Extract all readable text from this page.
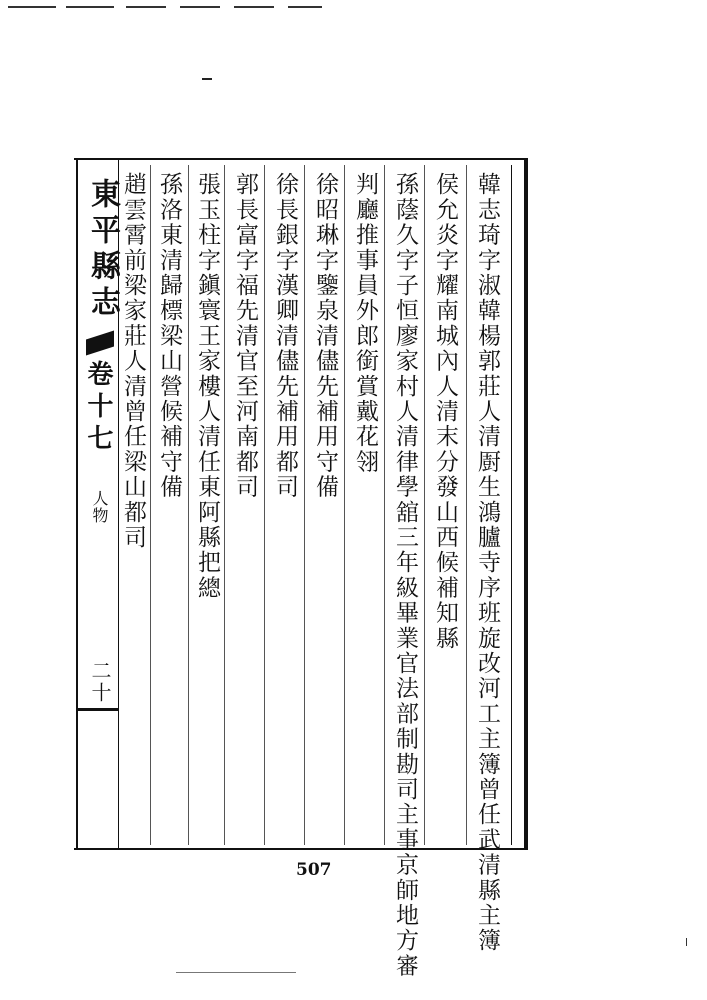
韓志琦字淑韓楊郭莊人清㕑生鴻臚寺序班旋改河工主簿曾任武清縣主簿
侯允炎字耀南城內人清末分發山西候補知縣
孫蔭久字子恒廖家村人清律學舘三年級畢業官法部制勘司主事京師地方審
判廳推事員外郎銜賞戴花翎
徐昭琳字鑒泉清儘先補用守備
徐長銀字漢卿清儘先補用都司
郭長富字福先清官至河南都司
張玉柱字鎭寰王家樓人清任東阿縣把總
孫洛東清歸標梁山營候補守備
趙雲霄前梁家莊人清曾任梁山都司
東平縣志
卷十七
人物
二十
507
